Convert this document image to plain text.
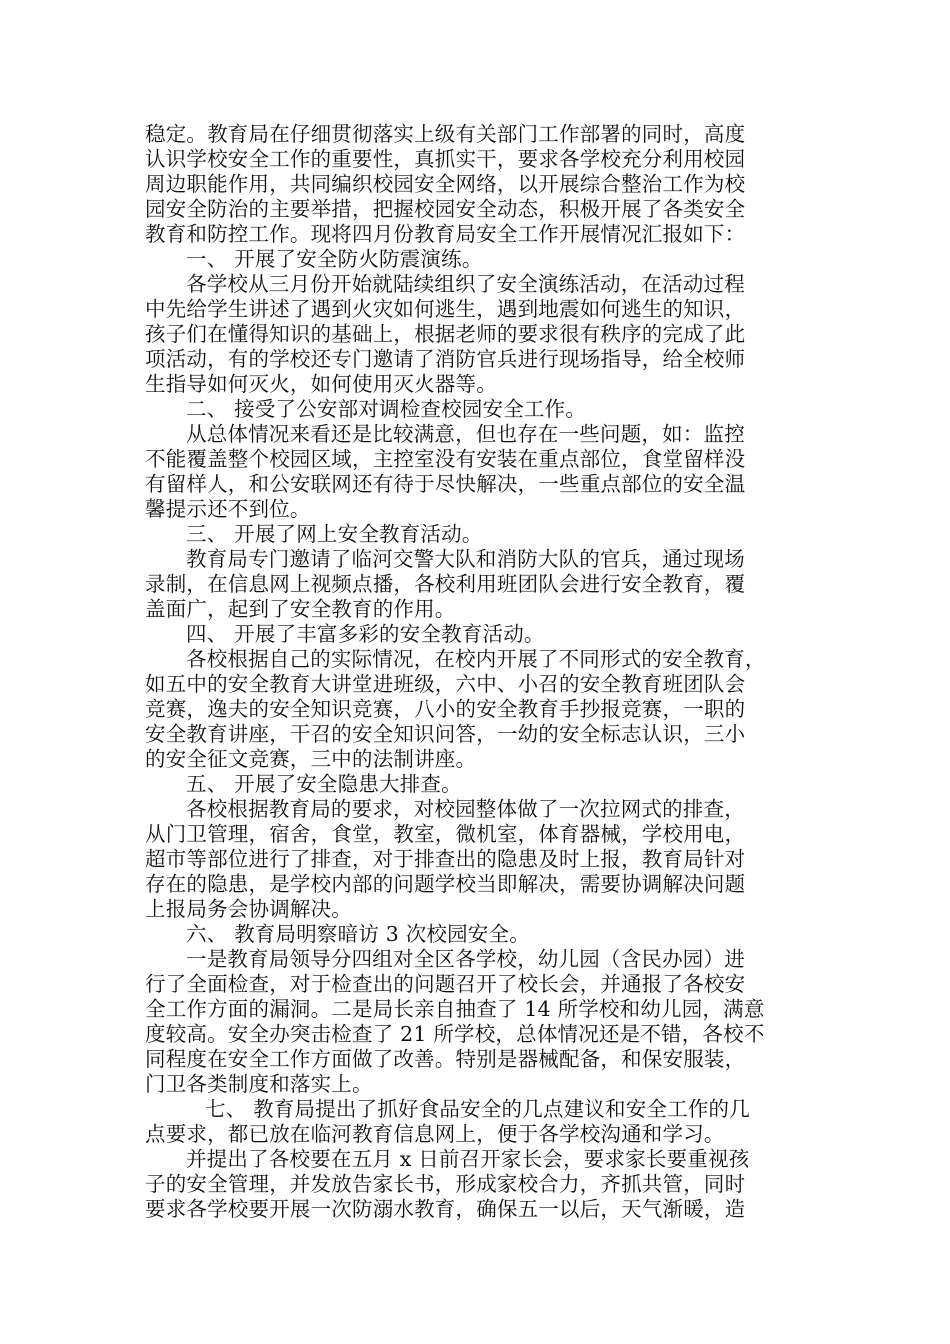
稳定。教育局在仔细贯彻落实上级有关部门工作部署的同时，高度
认识学校安全工作的重要性，真抓实干，要求各学校充分利用校园
周边职能作用，共同编织校园安全网络，以开展综合整治工作为校
园安全防治的主要举措，把握校园安全动态，积极开展了各类安全
教育和防控工作。现将四月份教育局安全工作开展情况汇报如下：
一、 开展了安全防火防震演练。
各学校从三月份开始就陆续组织了安全演练活动，在活动过程
中先给学生讲述了遇到火灾如何逃生，遇到地震如何逃生的知识，
孩子们在懂得知识的基础上，根据老师的要求很有秩序的完成了此
项活动，有的学校还专门邀请了消防官兵进行现场指导，给全校师
生指导如何灭火，如何使用灭火器等。
二、 接受了公安部对调检查校园安全工作。
从总体情况来看还是比较满意，但也存在一些问题，如：监控
不能覆盖整个校园区域，主控室没有安装在重点部位，食堂留样没
有留样人，和公安联网还有待于尽快解决，一些重点部位的安全温
馨提示还不到位。
三、 开展了网上安全教育活动。
教育局专门邀请了临河交警大队和消防大队的官兵，通过现场
录制，在信息网上视频点播，各校利用班团队会进行安全教育，覆
盖面广，起到了安全教育的作用。
四、 开展了丰富多彩的安全教育活动。
各校根据自己的实际情况，在校内开展了不同形式的安全教育，
如五中的安全教育大讲堂进班级，六中、小召的安全教育班团队会
竞赛，逸夫的安全知识竞赛，八小的安全教育手抄报竞赛，一职的
安全教育讲座，干召的安全知识问答，一幼的安全标志认识，三小
的安全征文竞赛，三中的法制讲座。
五、 开展了安全隐患大排查。
各校根据教育局的要求，对校园整体做了一次拉网式的排查，
从门卫管理，宿舍，食堂，教室，微机室，体育器械，学校用电，
超市等部位进行了排查，对于排查出的隐患及时上报，教育局针对
存在的隐患，是学校内部的问题学校当即解决，需要协调解决问题
上报局务会协调解决。
六、 教育局明察暗访 3 次校园安全。
一是教育局领导分四组对全区各学校，幼儿园（含民办园）进
行了全面检查，对于检查出的问题召开了校长会，并通报了各校安
全工作方面的漏洞。二是局长亲自抽查了 14 所学校和幼儿园，满意
度较高。安全办突击检查了 21 所学校，总体情况还是不错，各校不
同程度在安全工作方面做了改善。特别是器械配备，和保安服装，
门卫各类制度和落实上。
七、 教育局提出了抓好食品安全的几点建议和安全工作的几
点要求，都已放在临河教育信息网上，便于各学校沟通和学习。
并提出了各校要在五月 x 日前召开家长会，要求家长要重视孩
子的安全管理，并发放告家长书，形成家校合力，齐抓共管，同时
要求各学校要开展一次防溺水教育，确保五一以后，天气渐暖，造
